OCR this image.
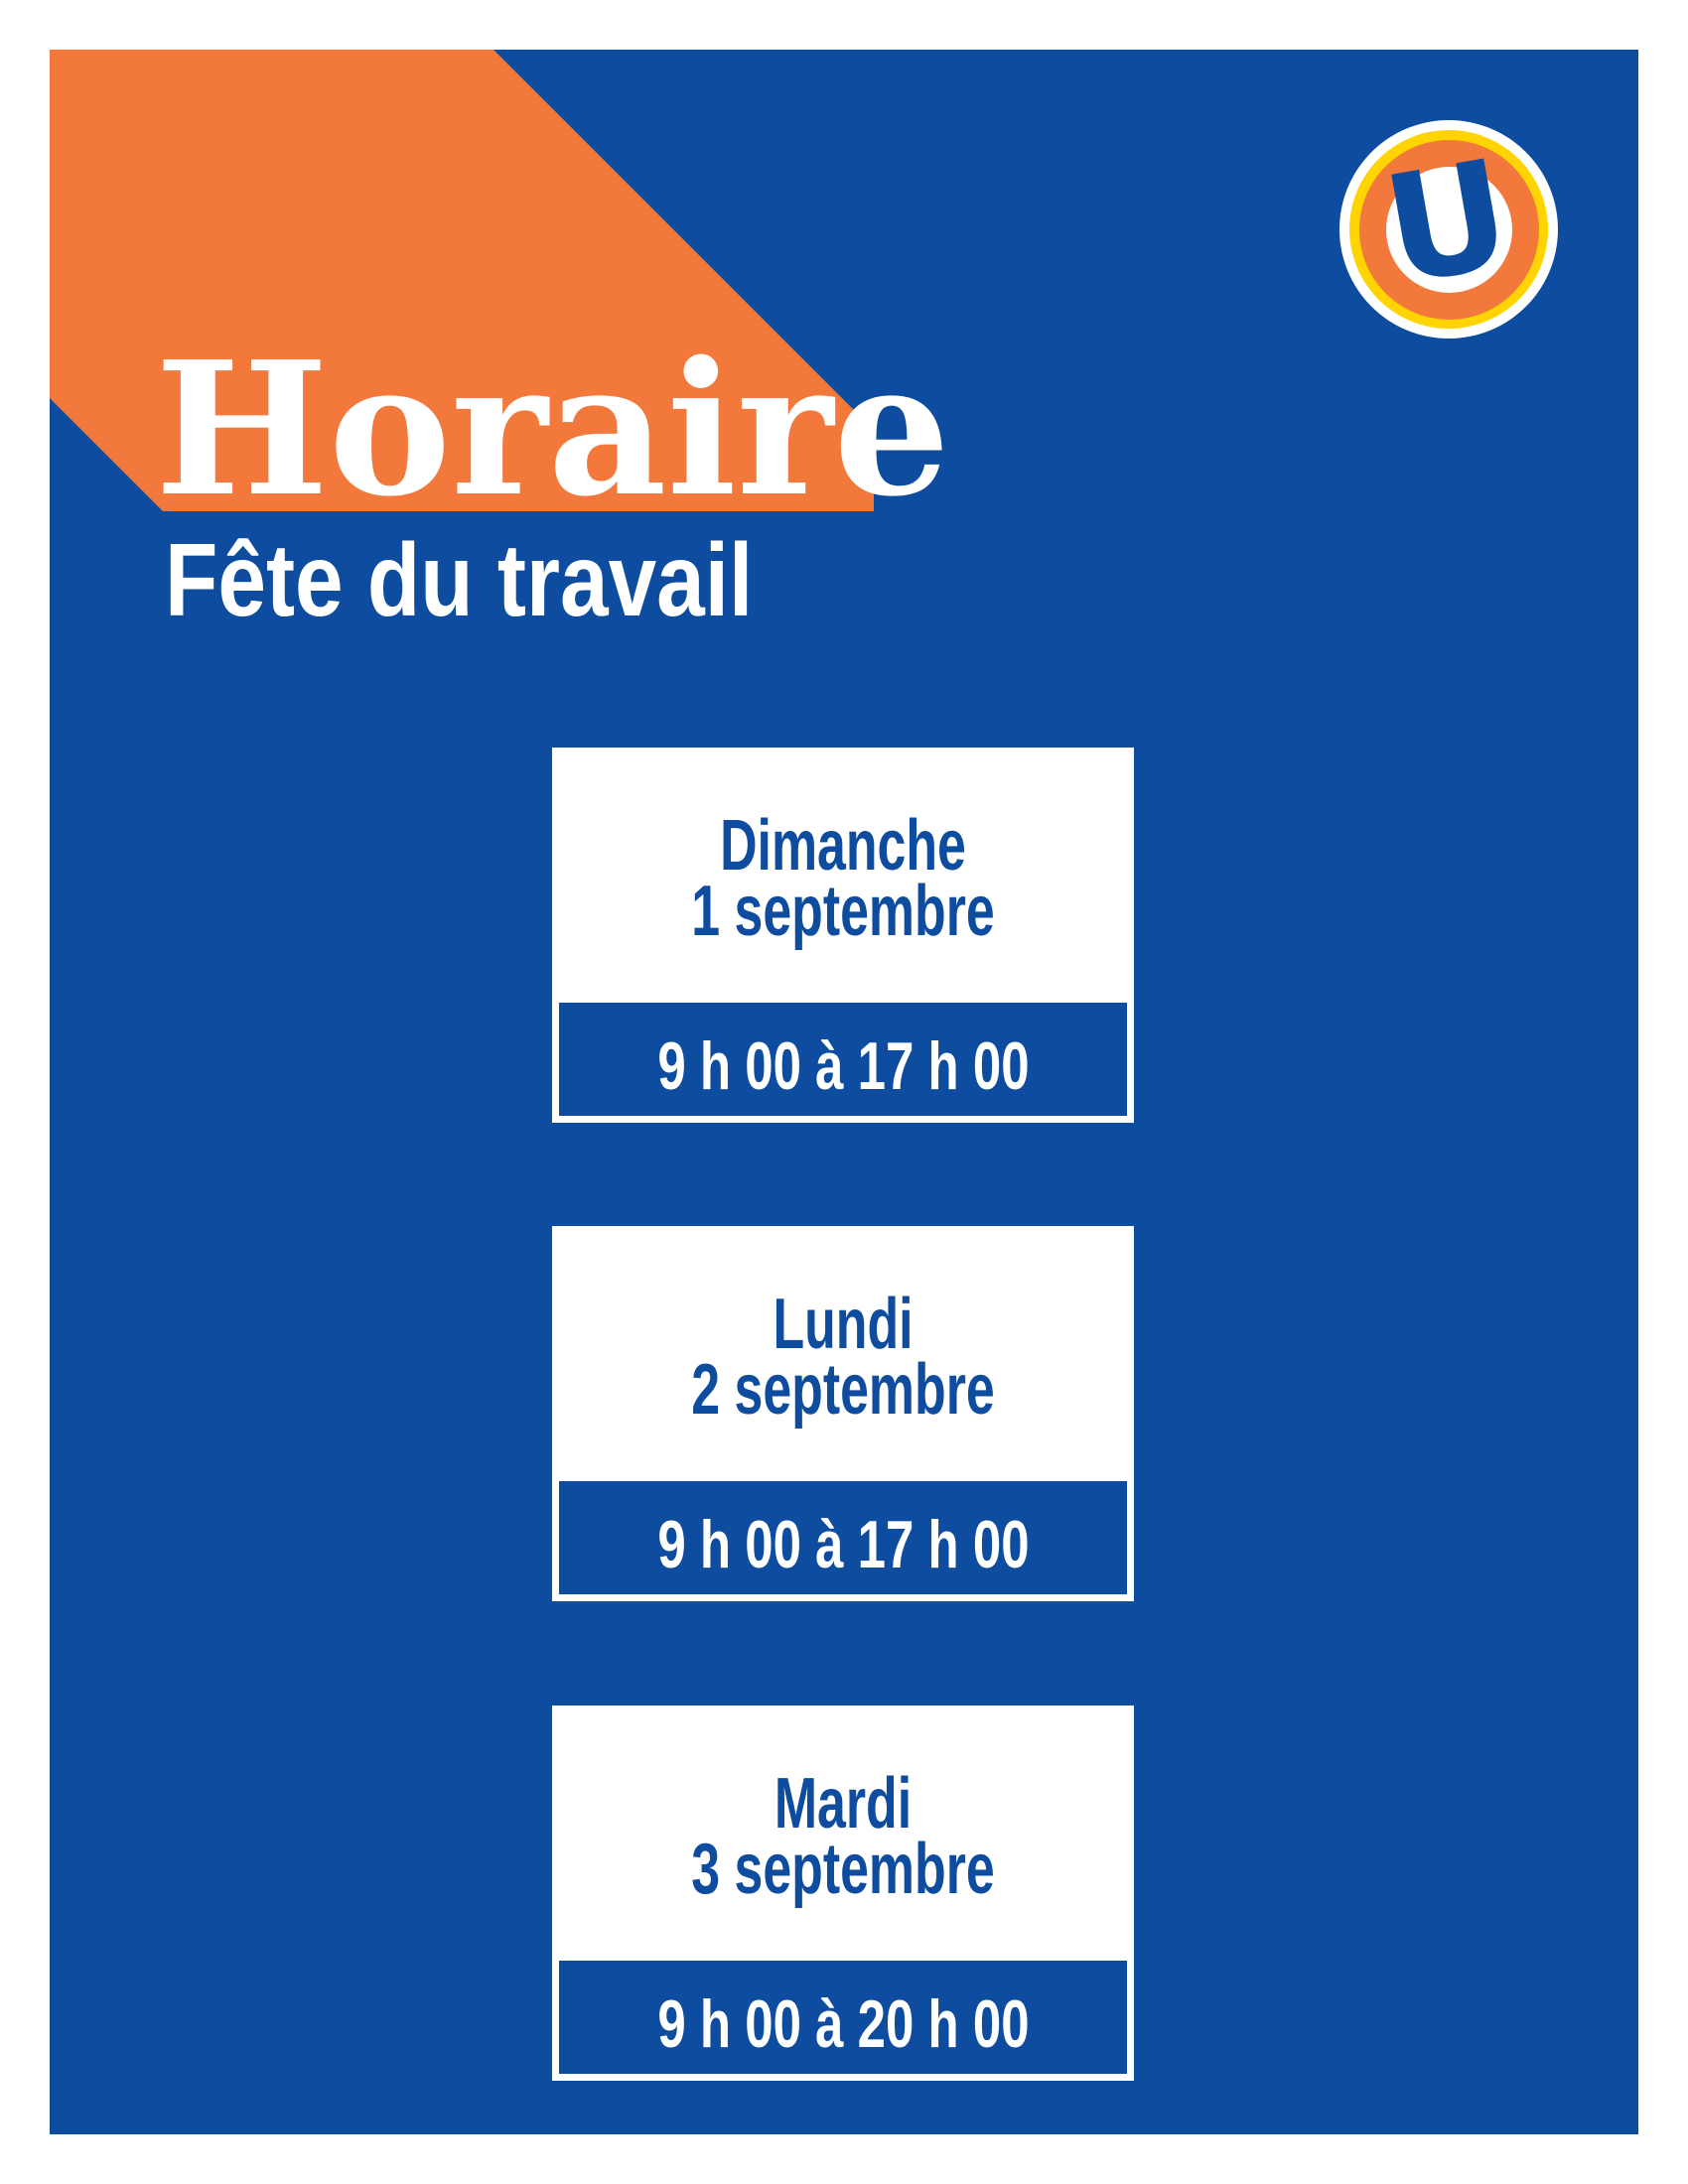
Horaire
Fête du travail
U
Dimanche
1 septembre
9 h 00 à 17 h 00
Lundi
2 septembre
9 h 00 à 17 h 00
Mardi
3 septembre
9 h 00 à 20 h 00
